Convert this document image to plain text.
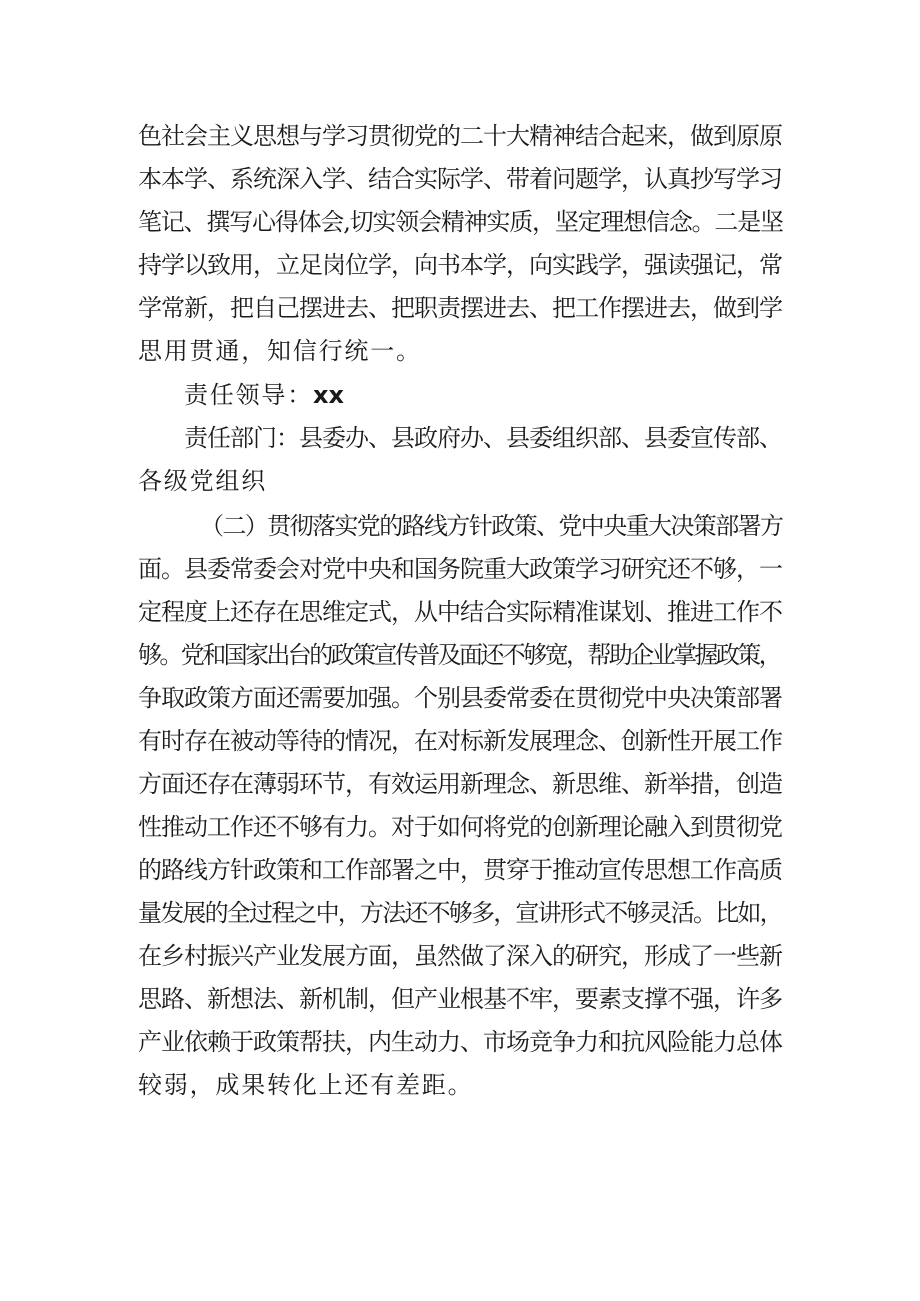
色社会主义思想与学习贯彻党的二十大精神结合起来，做到原原
本本学、系统深入学、结合实际学、带着问题学，认真抄写学习
笔记、撰写心得体会,切实领会精神实质，坚定理想信念。二是坚
持学以致用，立足岗位学，向书本学，向实践学，强读强记，常
学常新，把自己摆进去、把职责摆进去、把工作摆进去，做到学
思用贯通，知信行统一。
责任领导：xx
责任部门：县委办、县政府办、县委组织部、县委宣传部、
各级党组织
（二）贯彻落实党的路线方针政策、党中央重大决策部署方
面。县委常委会对党中央和国务院重大政策学习研究还不够，一
定程度上还存在思维定式，从中结合实际精准谋划、推进工作不
够。党和国家出台的政策宣传普及面还不够宽，帮助企业掌握政策，
争取政策方面还需要加强。个别县委常委在贯彻党中央决策部署
有时存在被动等待的情况，在对标新发展理念、创新性开展工作
方面还存在薄弱环节，有效运用新理念、新思维、新举措，创造
性推动工作还不够有力。对于如何将党的创新理论融入到贯彻党
的路线方针政策和工作部署之中，贯穿于推动宣传思想工作高质
量发展的全过程之中，方法还不够多，宣讲形式不够灵活。比如，
在乡村振兴产业发展方面，虽然做了深入的研究，形成了一些新
思路、新想法、新机制，但产业根基不牢，要素支撑不强，许多
产业依赖于政策帮扶，内生动力、市场竞争力和抗风险能力总体
较弱，成果转化上还有差距。
